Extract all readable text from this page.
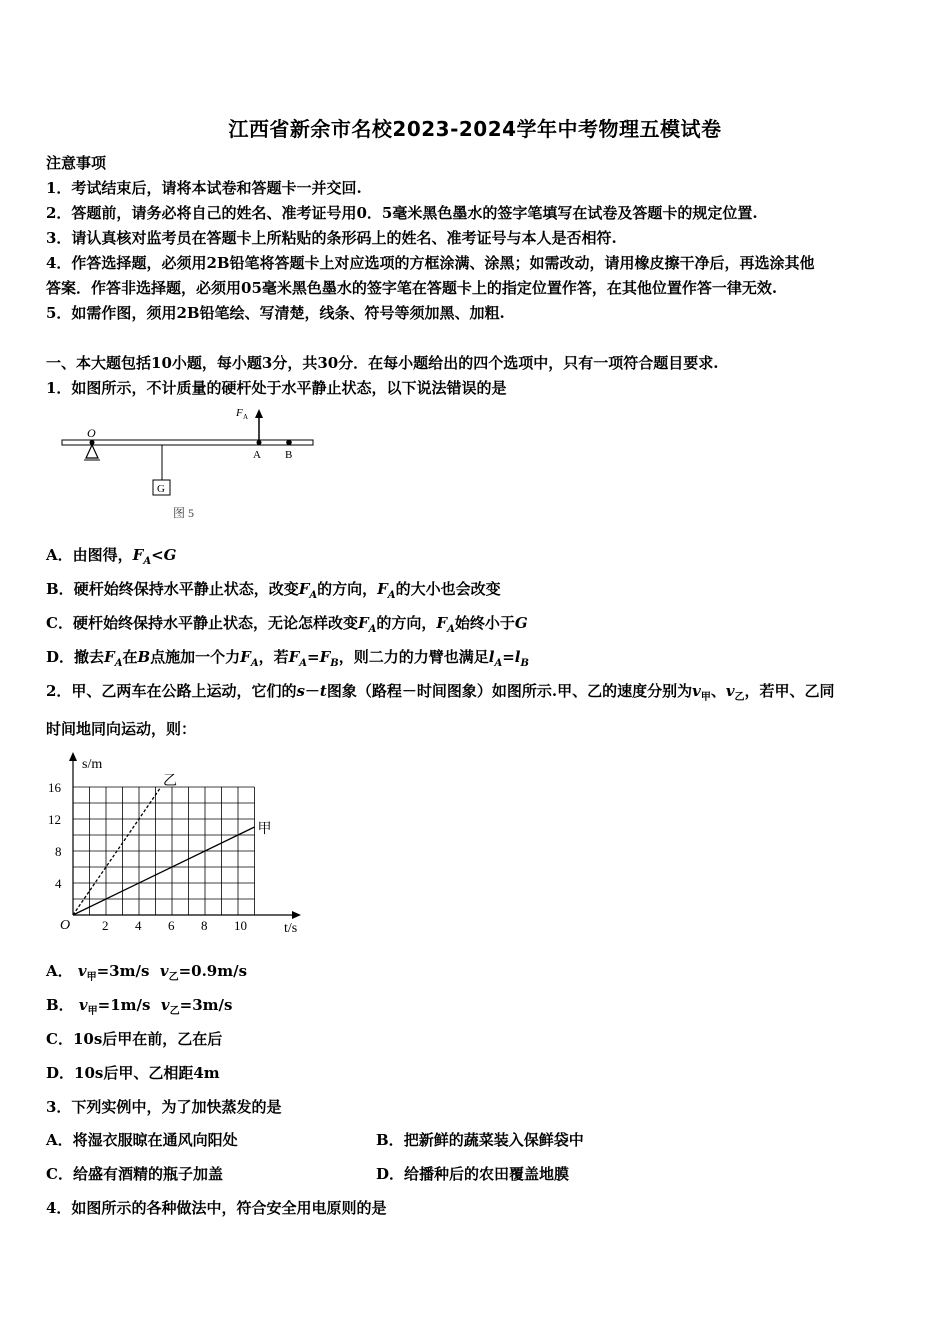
江西省新余市名校2023-2024学年中考物理五模试卷
注意事项
1．考试结束后，请将本试卷和答题卡一并交回.
2．答题前，请务必将自己的姓名、准考证号用0．5毫米黑色墨水的签字笔填写在试卷及答题卡的规定位置.
3．请认真核对监考员在答题卡上所粘贴的条形码上的姓名、准考证号与本人是否相符.
4．作答选择题，必须用2B铅笔将答题卡上对应选项的方框涂满、涂黑；如需改动，请用橡皮擦干净后，再选涂其他
答案．作答非选择题，必须用05毫米黑色墨水的签字笔在答题卡上的指定位置作答，在其他位置作答一律无效.
5．如需作图，须用2B铅笔绘、写清楚，线条、符号等须加黑、加粗.
一、本大题包括10小题，每小题3分，共30分．在每小题给出的四个选项中，只有一项符合题目要求.
1．如图所示，不计质量的硬杆处于水平静止状态，以下说法错误的是
O
F A
A B
G
图 5
A．由图得，$F_A<G$
B．硬杆始终保持水平静止状态，改变$F_A$的方向，$F_A$的大小也会改变
C．硬杆始终保持水平静止状态，无论怎样改变$F_A$的方向，$F_A$始终小于G
D．撤去$F_A$在B点施加一个力$F_A$，若$F_A=F_B$，则二力的力臂也满足$l_A=l_B$
2．甲、乙两车在公路上运动，它们的s－t图象（路程－时间图象）如图所示.甲、乙的速度分别为$v_甲$、$v_乙$，若甲、乙同
时间地同向运动，则：
2 4 6 8 10
4
8
12
16	乙
甲
s/m
t/s
O
A． $v_甲=3m/s$ $v_乙=0.9m/s$
B． $v_甲=1m/s$ $v_乙=3m/s$
C．10s后甲在前，乙在后
D．10s后甲、乙相距4m
3．下列实例中，为了加快蒸发的是
A．将湿衣服晾在通风向阳处	B．把新鲜的蔬菜装入保鲜袋中
C．给盛有酒精的瓶子加盖	D．给播种后的农田覆盖地膜
4．如图所示的各种做法中，符合安全用电原则的是
